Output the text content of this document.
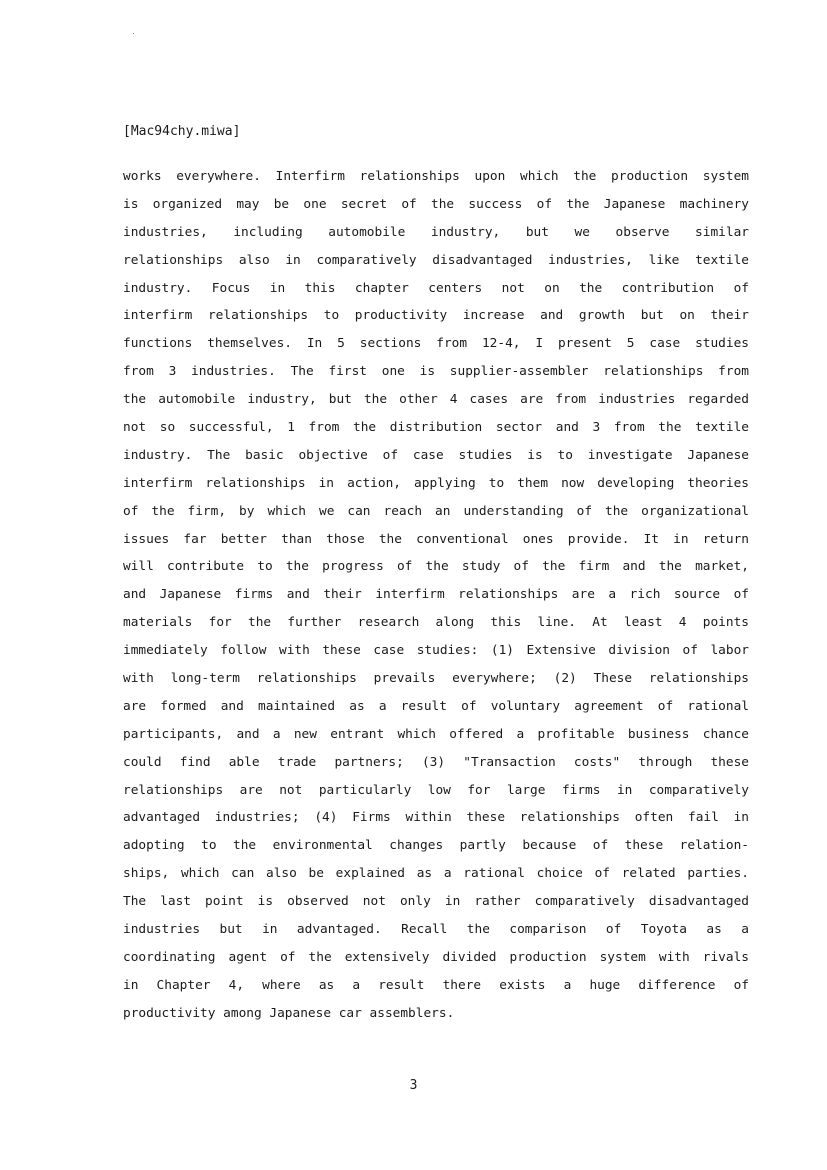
[Mac94chy.miwa]
works everywhere. Interfirm relationships upon which the production system
is organized may be one secret of the success of the Japanese machinery
industries, including automobile industry, but we observe similar
relationships also in comparatively disadvantaged industries, like textile
industry. Focus in this chapter centers not on the contribution of
interfirm relationships to productivity increase and growth but on their
functions themselves. In 5 sections from 12-4, I present 5 case studies
from 3 industries. The first one is supplier-assembler relationships from
the automobile industry, but the other 4 cases are from industries regarded
not so successful, 1 from the distribution sector and 3 from the textile
industry. The basic objective of case studies is to investigate Japanese
interfirm relationships in action, applying to them now developing theories
of the firm, by which we can reach an understanding of the organizational
issues far better than those the conventional ones provide. It in return
will contribute to the progress of the study of the firm and the market,
and Japanese firms and their interfirm relationships are a rich source of
materials for the further research along this line. At least 4 points
immediately follow with these case studies: (1) Extensive division of labor
with long-term relationships prevails everywhere; (2) These relationships
are formed and maintained as a result of voluntary agreement of rational
participants, and a new entrant which offered a profitable business chance
could find able trade partners; (3) "Transaction costs" through these
relationships are not particularly low for large firms in comparatively
advantaged industries; (4) Firms within these relationships often fail in
adopting to the environmental changes partly because of these relation-
ships, which can also be explained as a rational choice of related parties.
The last point is observed not only in rather comparatively disadvantaged
industries but in advantaged. Recall the comparison of Toyota as a
coordinating agent of the extensively divided production system with rivals
in Chapter 4, where as a result there exists a huge difference of
productivity among Japanese car assemblers.
3
